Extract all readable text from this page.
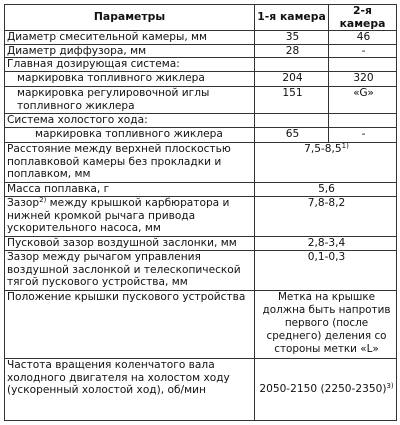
Параметры	1-я камера	2-я камера
Диаметр смесительной камеры, мм	35	46
Диаметр диффузора, мм	28	-
Главная дозирующая система:		
маркировка топливного жиклера	204	320
маркировка регулировочной иглы топливного жиклера	151	«G»
Система холостого хода:		
маркировка топливного жиклера	65	-
Расстояние между верхней плоскостью поплавковой камеры без прокладки и поплавком, мм	7,5-8,5$^{1)}$
Масса поплавка, г	5,6	
Зазор$^{2)}$ между крышкой карбюратора и нижней кромкой рычага привода ускорительного насоса, мм	7,8-8,2	
Пусковой зазор воздушной заслонки, мм	2,8-3,4	
Зазор между рычагом управления воздушной заслонкой и телескопической тягой пускового устройства, мм	0,1-0,3	
Положение крышки пускового устройства	Метка на крышке должна быть напротив первого (после среднего) деления со стороны метки «L»	
Частота вращения коленчатого вала холодного двигателя на холостом ходу (ускоренный холостой ход), об/мин	2050-2150 (2250-2350)$^{3)}$
